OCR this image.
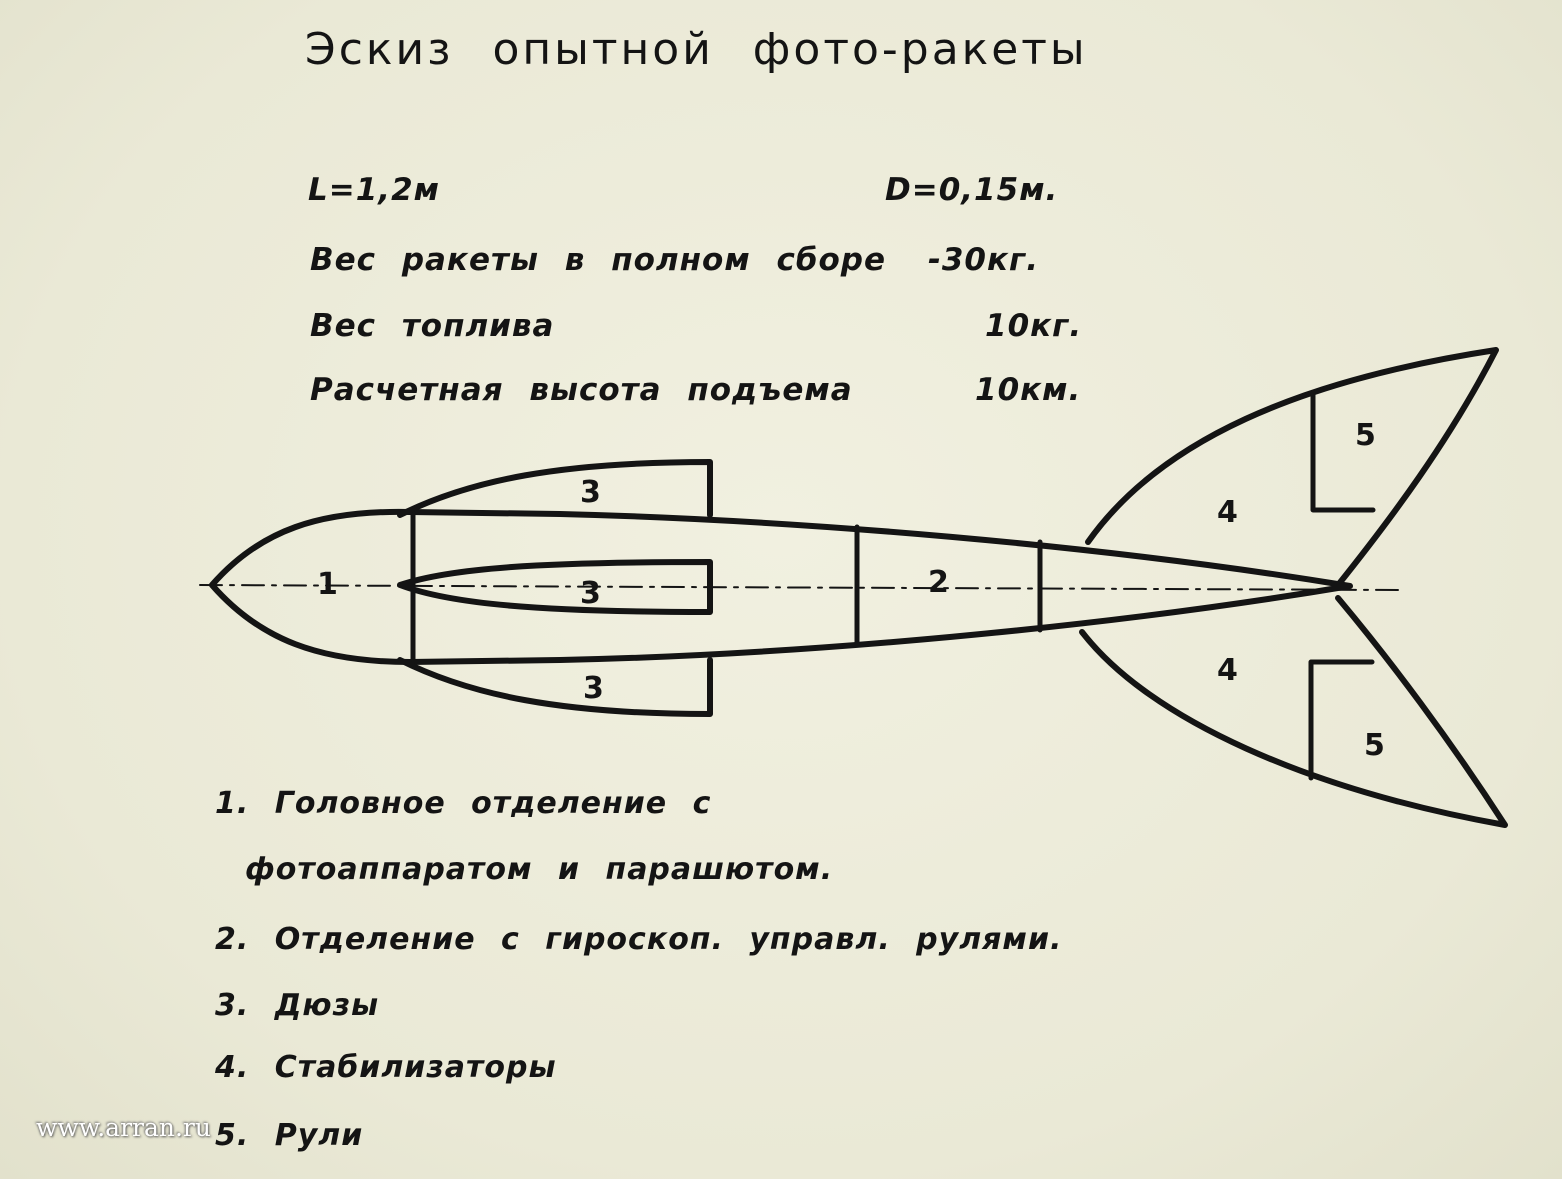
Эскиз опытной фото-ракеты
L=1,2м	D=0,15м.
Вес ракеты в полном сборе -30кг.
Вес топлива	10кг.
Расчетная высота подъема	10км.
1	2
3
3
3
4
4
5
5
1. Головное отделение с
фотоаппаратом и парашютом.
2. Отделение с гироскоп. управл. рулями.
3. Дюзы
4. Стабилизаторы
5. Рули
www.arran.ru
